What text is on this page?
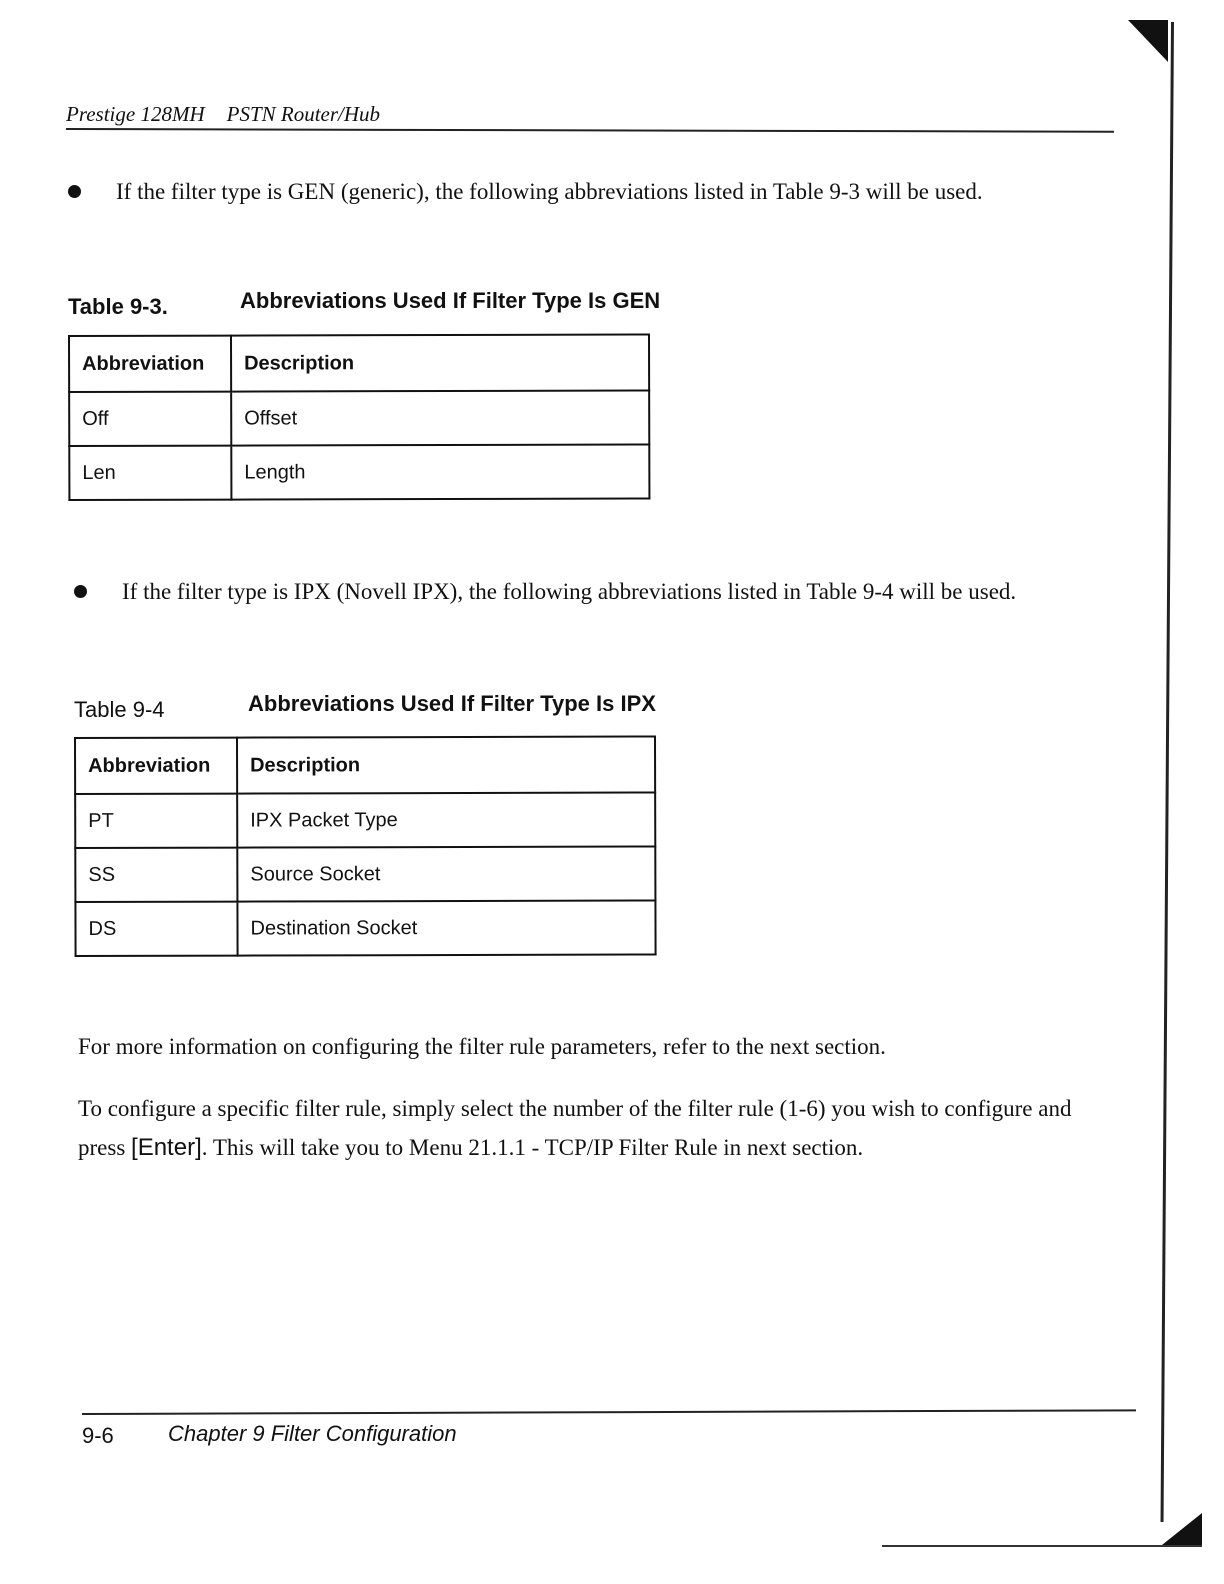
Prestige 128MH PSTN Router/Hub
If the filter type is GEN (generic), the following abbreviations listed in Table 9-3 will be used.
Table 9-3.	Abbreviations Used If Filter Type Is GEN
Abbreviation	Description
Off	Offset
Len	Length
If the filter type is IPX (Novell IPX), the following abbreviations listed in Table 9-4 will be used.
Table 9-4	Abbreviations Used If Filter Type Is IPX
Abbreviation	Description
PT	IPX Packet Type
SS	Source Socket
DS	Destination Socket
For more information on configuring the filter rule parameters, refer to the next section.
To configure a specific filter rule, simply select the number of the filter rule (1-6) you wish to configure and press [Enter]. This will take you to Menu 21.1.1 - TCP/IP Filter Rule in next section.
9-6 Chapter 9 Filter Configuration
